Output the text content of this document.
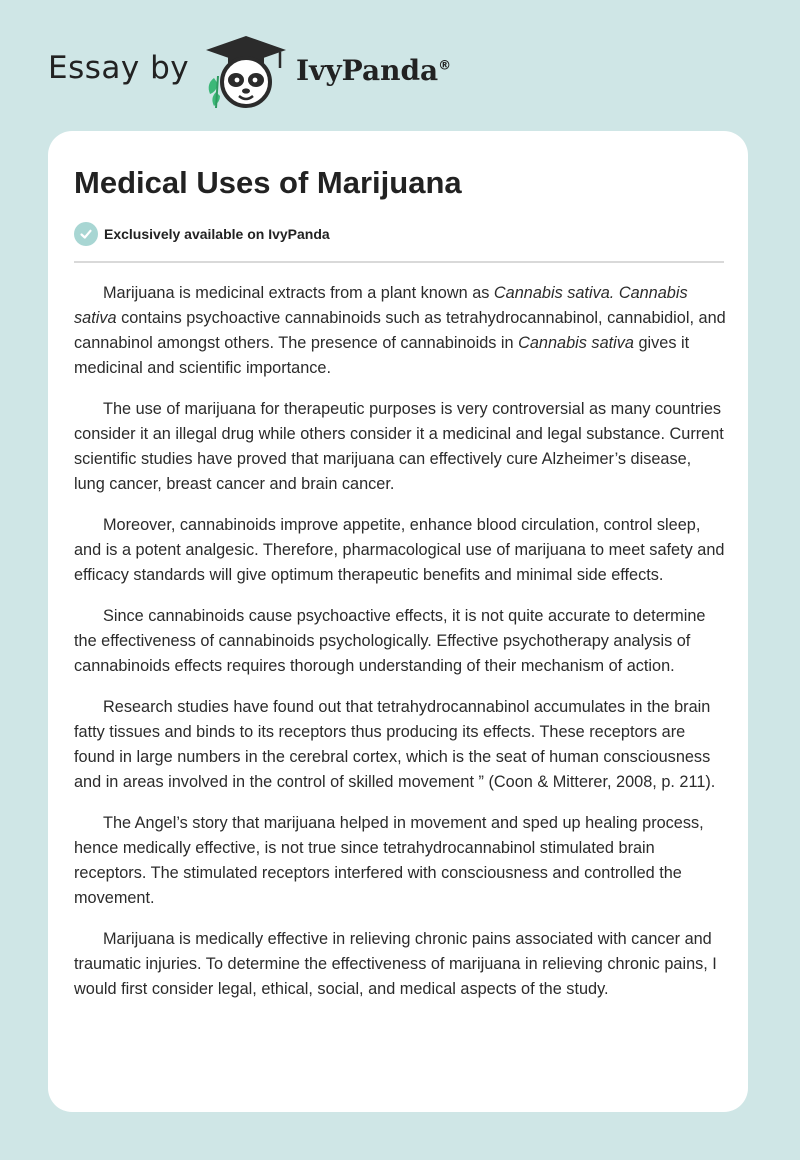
Essay by	IvyPanda®
Medical Uses of Marijuana
Exclusively available on IvyPanda

Marijuana is medicinal extracts from a plant known as Cannabis sativa. Cannabis sativa contains psychoactive cannabinoids such as tetrahydrocannabinol, cannabidiol, and cannabinol amongst others. The presence of cannabinoids in Cannabis sativa gives it medicinal and scientific importance.

The use of marijuana for therapeutic purposes is very controversial as many countries consider it an illegal drug while others consider it a medicinal and legal substance. Current scientific studies have proved that marijuana can effectively cure Alzheimer’s disease, lung cancer, breast cancer and brain cancer.

Moreover, cannabinoids improve appetite, enhance blood circulation, control sleep, and is a potent analgesic. Therefore, pharmacological use of marijuana to meet safety and efficacy standards will give optimum therapeutic benefits and minimal side effects.

Since cannabinoids cause psychoactive effects, it is not quite accurate to determine the effectiveness of cannabinoids psychologically. Effective psychotherapy analysis of cannabinoids effects requires thorough understanding of their mechanism of action.

Research studies have found out that tetrahydrocannabinol accumulates in the brain fatty tissues and binds to its receptors thus producing its effects. These receptors are found in large numbers in the cerebral cortex, which is the seat of human consciousness and in areas involved in the control of skilled movement ” (Coon & Mitterer, 2008, p. 211).

The Angel’s story that marijuana helped in movement and sped up healing process, hence medically effective, is not true since tetrahydrocannabinol stimulated brain receptors. The stimulated receptors interfered with consciousness and controlled the movement.

Marijuana is medically effective in relieving chronic pains associated with cancer and traumatic injuries. To determine the effectiveness of marijuana in relieving chronic pains, I would first consider legal, ethical, social, and medical aspects of the study.
